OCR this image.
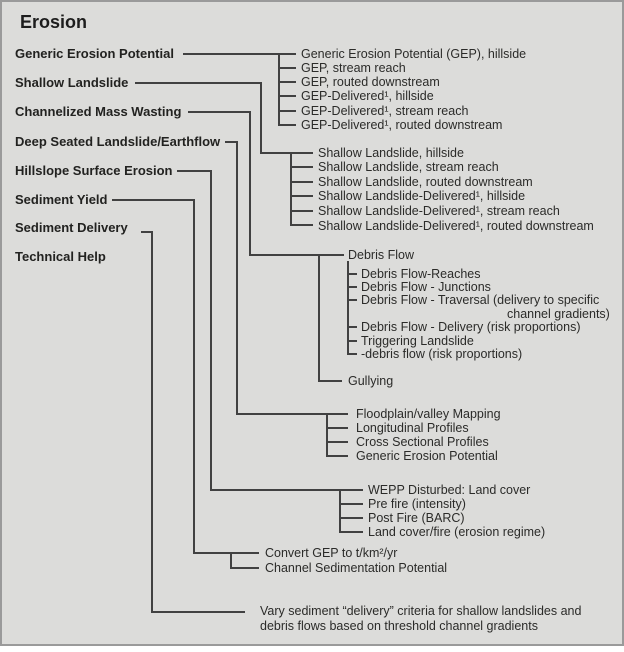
Erosion
Generic Erosion Potential
Shallow Landslide
Channelized Mass Wasting
Deep Seated Landslide/Earthflow
Hillslope Surface Erosion
Sediment Yield
Sediment Delivery
Technical Help
Generic Erosion Potential (GEP), hillside
GEP, stream reach
GEP, routed downstream
GEP-Delivered¹, hillside
GEP-Delivered¹, stream reach
GEP-Delivered¹, routed downstream
Shallow Landslide, hillside
Shallow Landslide, stream reach
Shallow Landslide, routed downstream
Shallow Landslide-Delivered¹, hillside
Shallow Landslide-Delivered¹, stream reach
Shallow Landslide-Delivered¹, routed downstream
Debris Flow
Debris Flow-Reaches
Debris Flow - Junctions
Debris Flow - Traversal (delivery to specific
channel gradients)
Debris Flow - Delivery (risk proportions)
Triggering Landslide
-debris flow (risk proportions)
Gullying
Floodplain/valley Mapping
Longitudinal Profiles
Cross Sectional Profiles
Generic Erosion Potential
WEPP Disturbed: Land cover
Pre fire (intensity)
Post Fire (BARC)
Land cover/fire (erosion regime)
Convert GEP to t/km²/yr
Channel Sedimentation Potential
Vary sediment “delivery” criteria for shallow landslides and
debris flows based on threshold channel gradients
